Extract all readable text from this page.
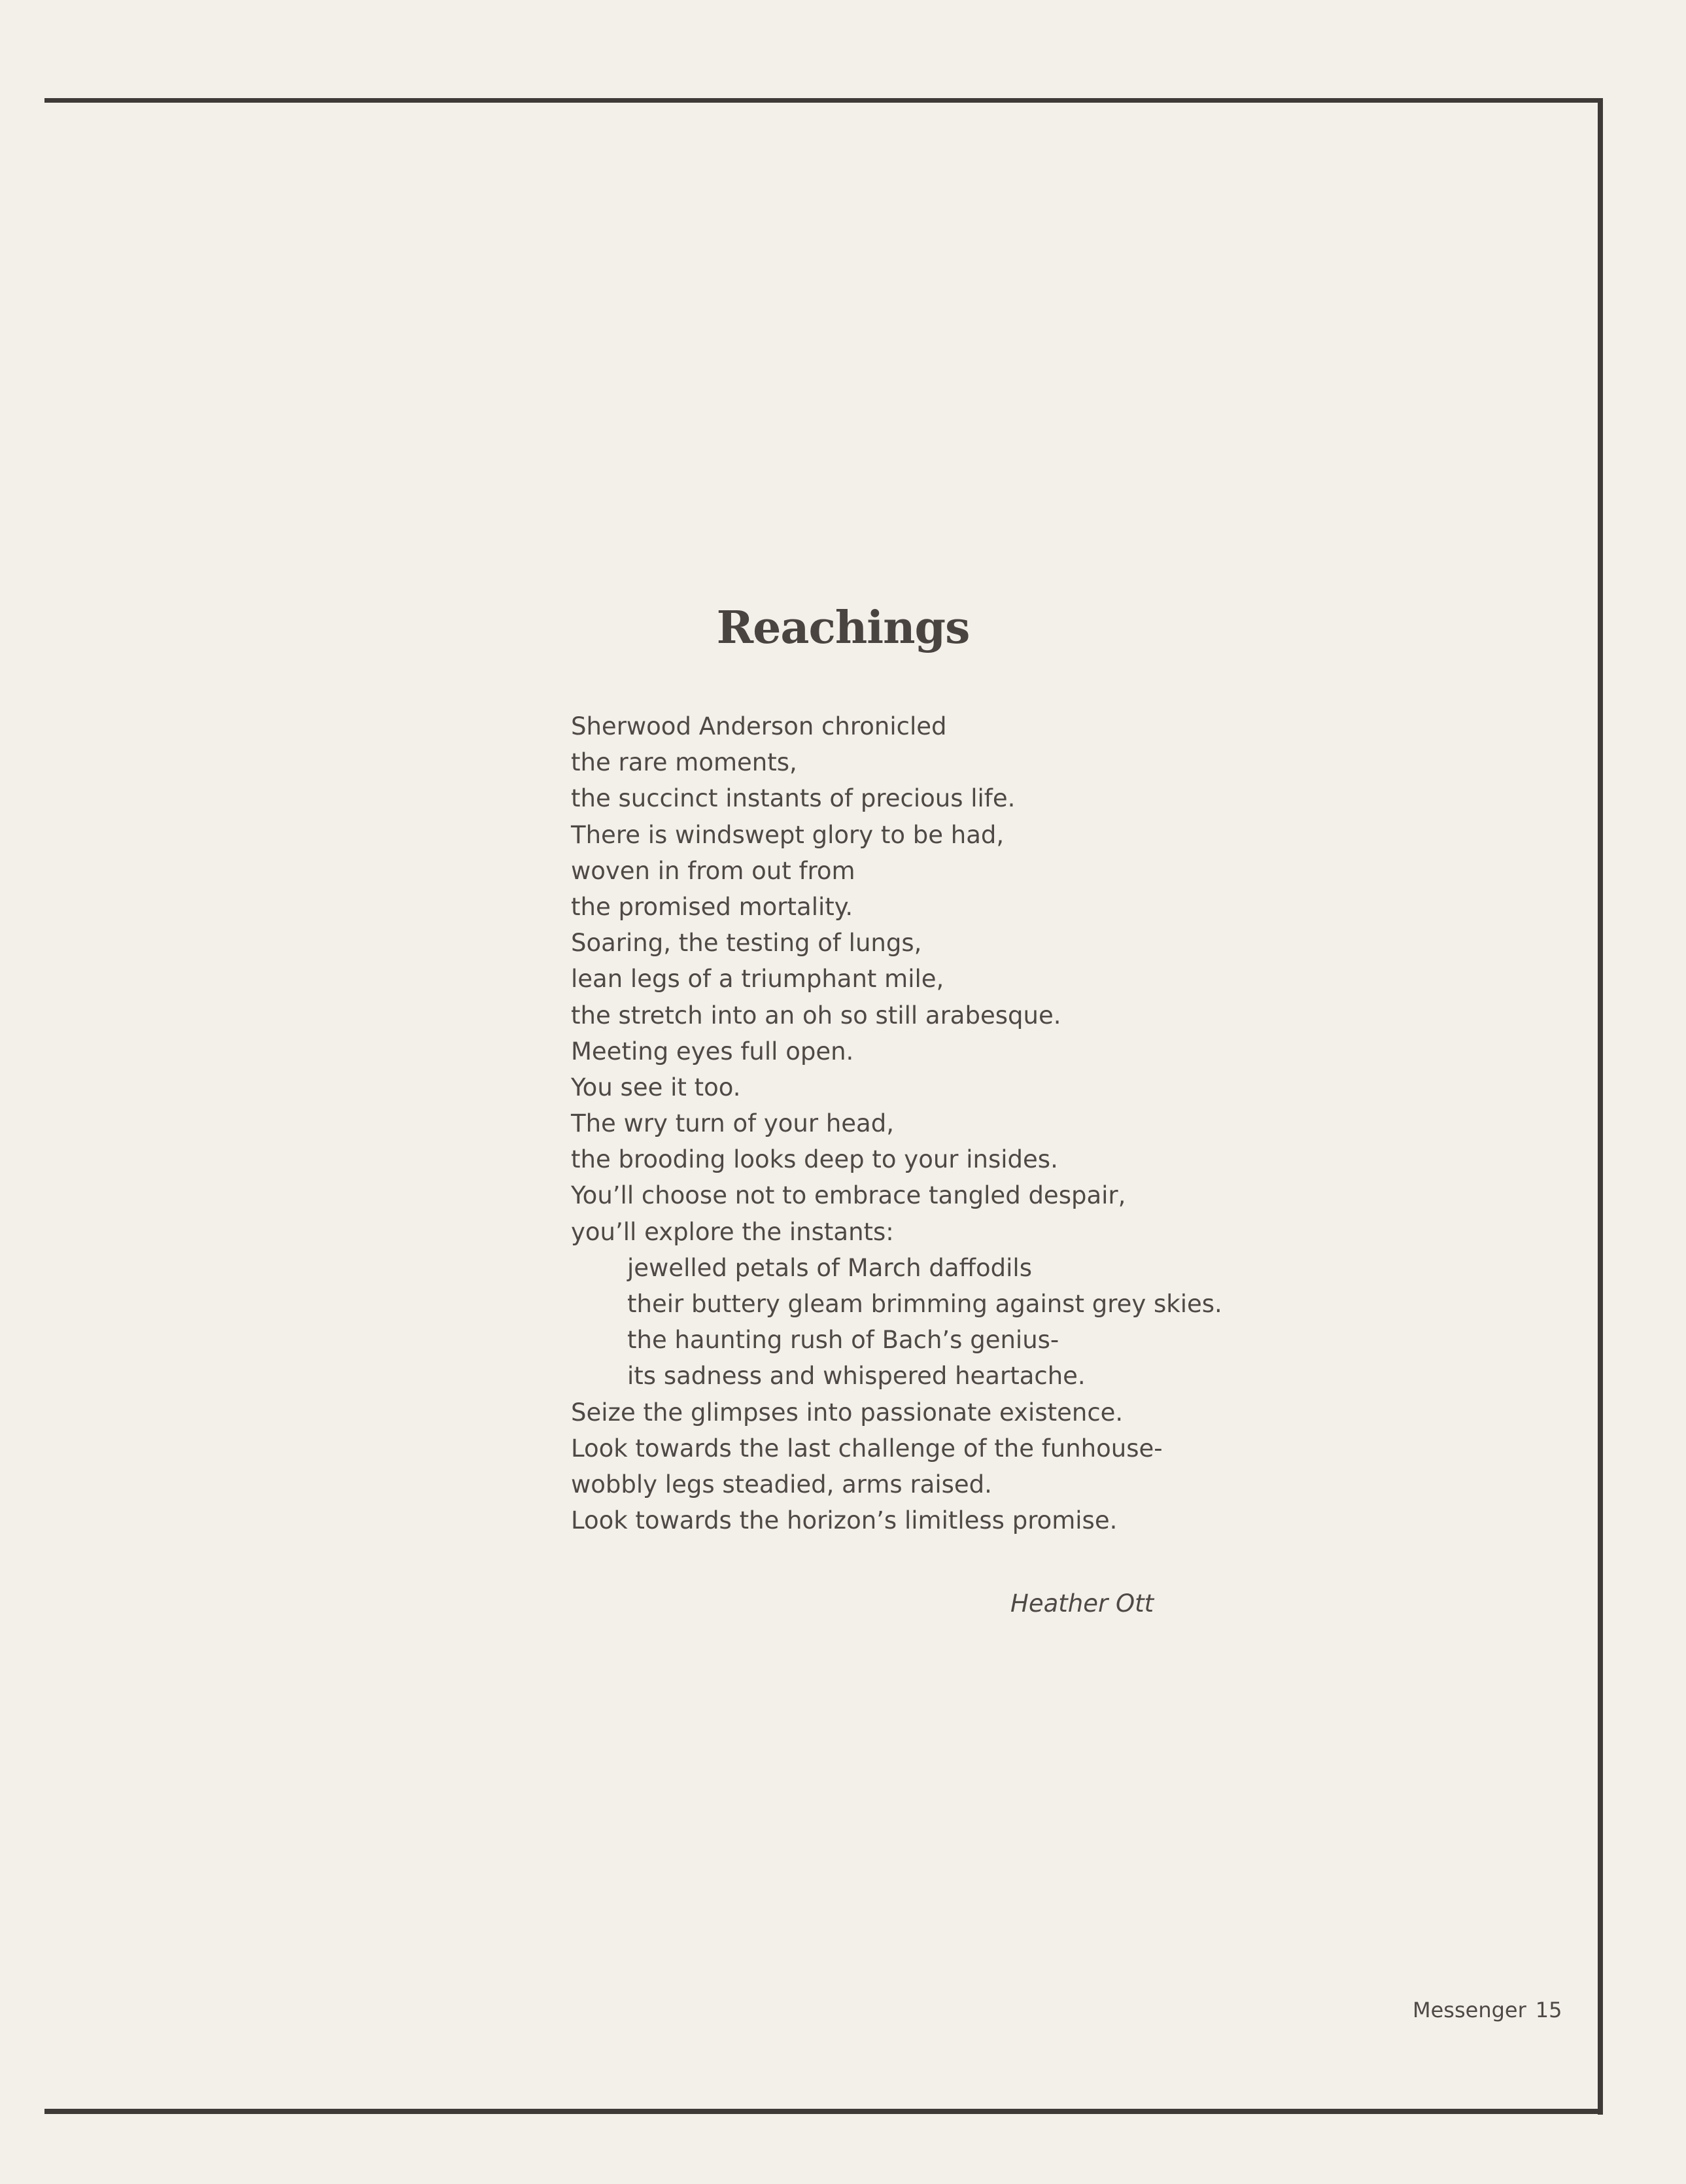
Reachings
Sherwood Anderson chronicled
the rare moments,
the succinct instants of precious life.
There is windswept glory to be had,
woven in from out from
the promised mortality.
Soaring, the testing of lungs,
lean legs of a triumphant mile,
the stretch into an oh so still arabesque.
Meeting eyes full open.
You see it too.
The wry turn of your head,
the brooding looks deep to your insides.
You’ll choose not to embrace tangled despair,
you’ll explore the instants:
jewelled petals of March daffodils
their buttery gleam brimming against grey skies.
the haunting rush of Bach’s genius-
its sadness and whispered heartache.
Seize the glimpses into passionate existence.
Look towards the last challenge of the funhouse-
wobbly legs steadied, arms raised.
Look towards the horizon’s limitless promise.
Heather Ott
Messenger 15
